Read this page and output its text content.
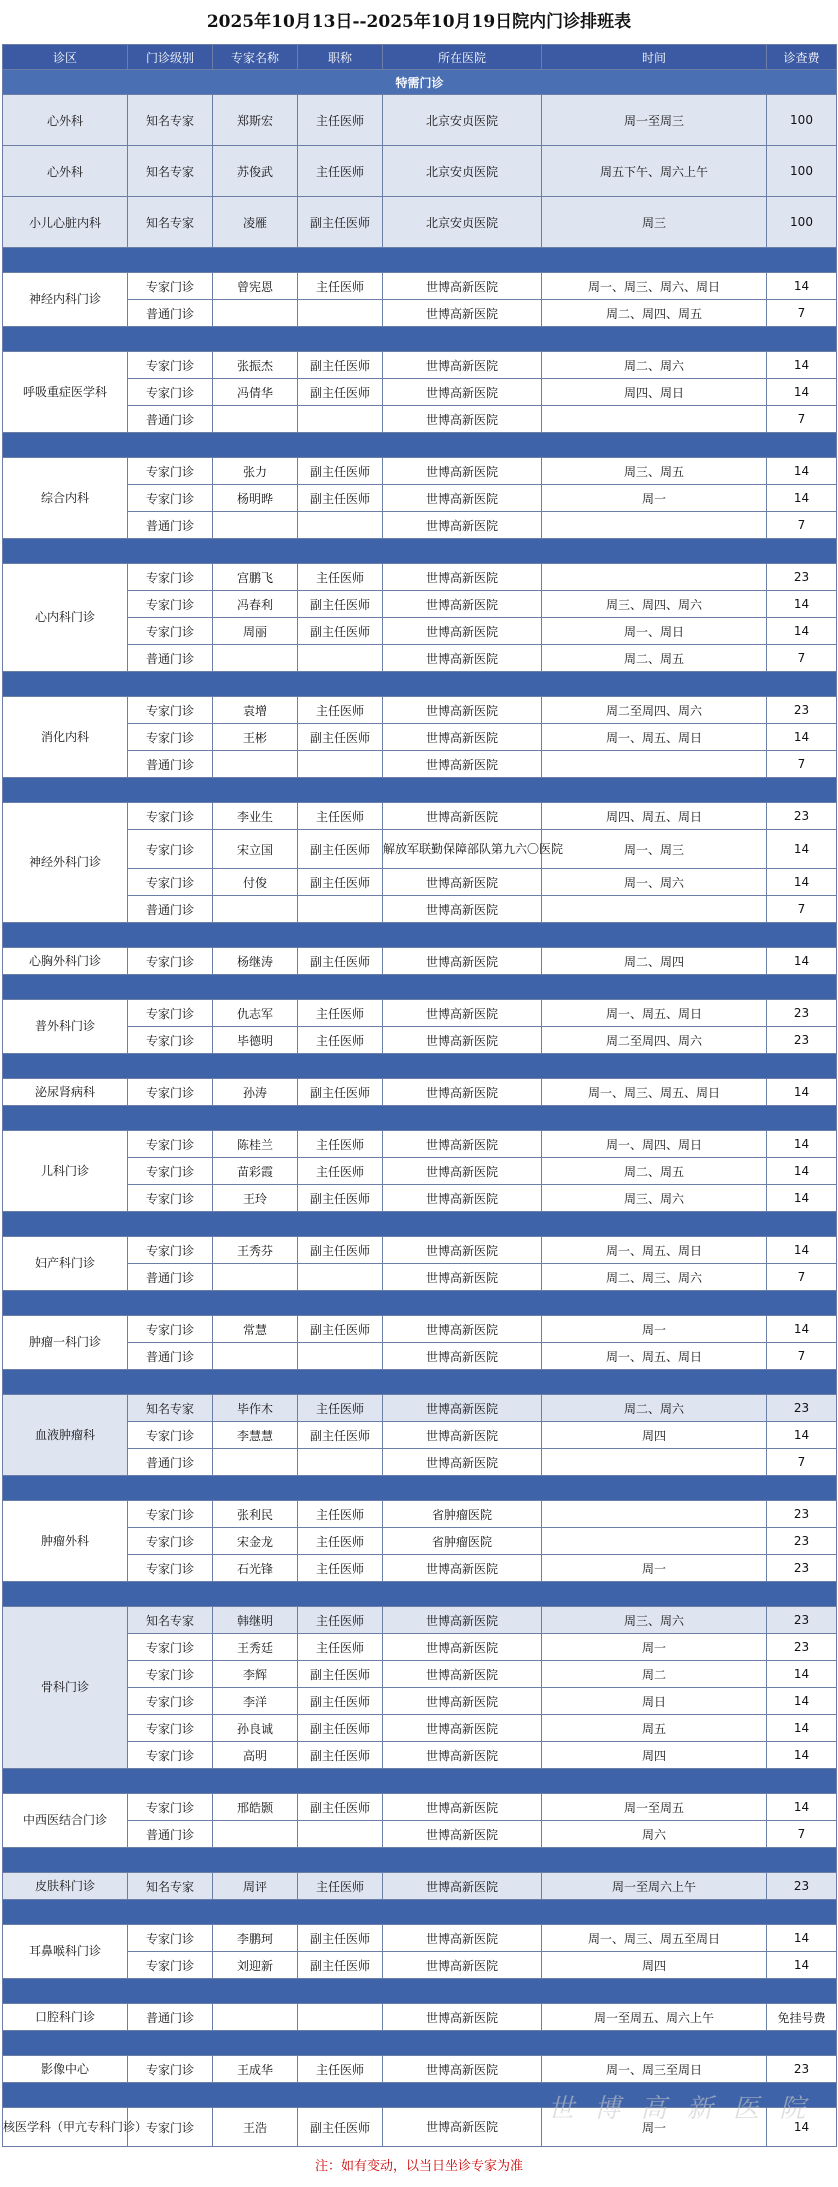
2025年10月13日--2025年10月19日院内门诊排班表
诊区	门诊级别	专家名称	职称	所在医院	时间	诊查费
特需门诊						
心外科	知名专家	郑斯宏	主任医师	北京安贞医院	周一至周三	100
心外科	知名专家	苏俊武	主任医师	北京安贞医院	周五下午、周六上午	100
小儿心脏内科	知名专家	凌雁	副主任医师	北京安贞医院	周三	100

神经内科门诊	专家门诊	曾宪恩	主任医师	世博高新医院	周一、周三、周六、周日	14
	普通门诊			世博高新医院	周二、周四、周五	7

呼吸重症医学科	专家门诊	张振杰	副主任医师	世博高新医院	周二、周六	14
	专家门诊	冯倩华	副主任医师	世博高新医院	周四、周日	14
	普通门诊			世博高新医院		7

综合内科	专家门诊	张力	副主任医师	世博高新医院	周三、周五	14
	专家门诊	杨明晔	副主任医师	世博高新医院	周一	14
	普通门诊			世博高新医院		7

心内科门诊	专家门诊	宫鹏飞	主任医师	世博高新医院		23
	专家门诊	冯春利	副主任医师	世博高新医院	周三、周四、周六	14
	专家门诊	周丽	副主任医师	世博高新医院	周一、周日	14
	普通门诊			世博高新医院	周二、周五	7

消化内科	专家门诊	袁增	主任医师	世博高新医院	周二至周四、周六	23
	专家门诊	王彬	副主任医师	世博高新医院	周一、周五、周日	14
	普通门诊			世博高新医院		7

神经外科门诊	专家门诊	李业生	主任医师	世博高新医院	周四、周五、周日	23
	专家门诊	宋立国	副主任医师	解放军联勤保障部队第九六〇医院	周一、周三	14
	专家门诊	付俊	副主任医师	世博高新医院	周一、周六	14
	普通门诊			世博高新医院		7

心胸外科门诊	专家门诊	杨继涛	副主任医师	世博高新医院	周二、周四	14

普外科门诊	专家门诊	仇志军	主任医师	世博高新医院	周一、周五、周日	23
	专家门诊	毕德明	主任医师	世博高新医院	周二至周四、周六	23

泌尿肾病科	专家门诊	孙涛	副主任医师	世博高新医院	周一、周三、周五、周日	14

儿科门诊	专家门诊	陈桂兰	主任医师	世博高新医院	周一、周四、周日	14
	专家门诊	苗彩霞	主任医师	世博高新医院	周二、周五	14
	专家门诊	王玲	副主任医师	世博高新医院	周三、周六	14

妇产科门诊	专家门诊	王秀芬	副主任医师	世博高新医院	周一、周五、周日	14
	普通门诊			世博高新医院	周二、周三、周六	7

肿瘤一科门诊	专家门诊	常慧	副主任医师	世博高新医院	周一	14
	普通门诊			世博高新医院	周一、周五、周日	7

血液肿瘤科	知名专家	毕作木	主任医师	世博高新医院	周二、周六	23
	专家门诊	李慧慧	副主任医师	世博高新医院	周四	14
	普通门诊			世博高新医院		7

肿瘤外科	专家门诊	张利民	主任医师	省肿瘤医院		23
	专家门诊	宋金龙	主任医师	省肿瘤医院		23
	专家门诊	石光锋	主任医师	世博高新医院	周一	23

骨科门诊	知名专家	韩继明	主任医师	世博高新医院	周三、周六	23
	专家门诊	王秀廷	主任医师	世博高新医院	周一	23
	专家门诊	李辉	副主任医师	世博高新医院	周二	14
	专家门诊	李洋	副主任医师	世博高新医院	周日	14
	专家门诊	孙良诚	副主任医师	世博高新医院	周五	14
	专家门诊	高明	副主任医师	世博高新医院	周四	14

中西医结合门诊	专家门诊	邢皓颢	副主任医师	世博高新医院	周一至周五	14
	普通门诊			世博高新医院	周六	7

皮肤科门诊	知名专家	周评	主任医师	世博高新医院	周一至周六上午	23

耳鼻喉科门诊	专家门诊	李鹏珂	副主任医师	世博高新医院	周一、周三、周五至周日	14
	专家门诊	刘迎新	副主任医师	世博高新医院	周四	14

口腔科门诊	普通门诊			世博高新医院	周一至周五、周六上午	免挂号费

影像中心	专家门诊	王成华	主任医师	世博高新医院	周一、周三至周日	23

核医学科（甲亢专科门诊）	专家门诊	王浩	副主任医师	世博高新医院	周一	14
注：如有变动，以当日坐诊专家为准
世 博 高 新 医 院
